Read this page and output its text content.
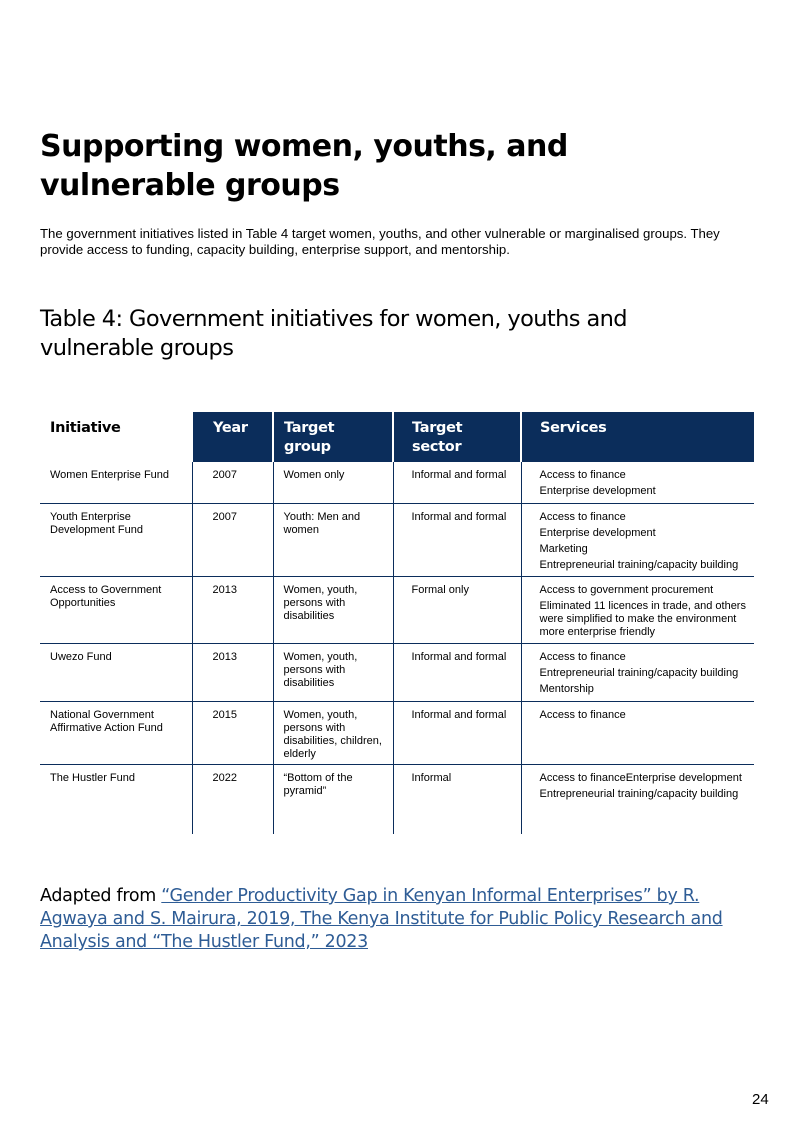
Supporting women, youths, and vulnerable groups

The government initiatives listed in Table 4 target women, youths, and other vulnerable or marginalised groups. They provide access to funding, capacity building, enterprise support, and mentorship.

Table 4: Government initiatives for women, youths and vulnerable groups
Initiative	Year	Target group	Target sector	Services
Women Enterprise Fund	2007	Women only	Informal and formal	Access to finance
Enterprise development

Youth Enterprise Development Fund	2007	Youth: Men and women	Informal and formal	Access to finance
Enterprise development
Marketing
Entrepreneurial training/capacity building

Access to Government Opportunities	2013	Women, youth, persons with disabilities	Formal only	Access to government procurement
Eliminated 11 licences in trade, and others were simplified to make the environment more enterprise friendly

Uwezo Fund	2013	Women, youth, persons with disabilities	Informal and formal	Access to finance
Entrepreneurial training/capacity building
Mentorship

National Government Affirmative Action Fund	2015	Women, youth, persons with disabilities, children, elderly	Informal and formal	Access to finance

The Hustler Fund	2022	“Bottom of the pyramid”	Informal	Access to financeEnterprise development
Entrepreneurial training/capacity building

Adapted from “Gender Productivity Gap in Kenyan Informal Enterprises” by R. Agwaya and S. Mairura, 2019, The Kenya Institute for Public Policy Research and Analysis and “The Hustler Fund,” 2023

24
